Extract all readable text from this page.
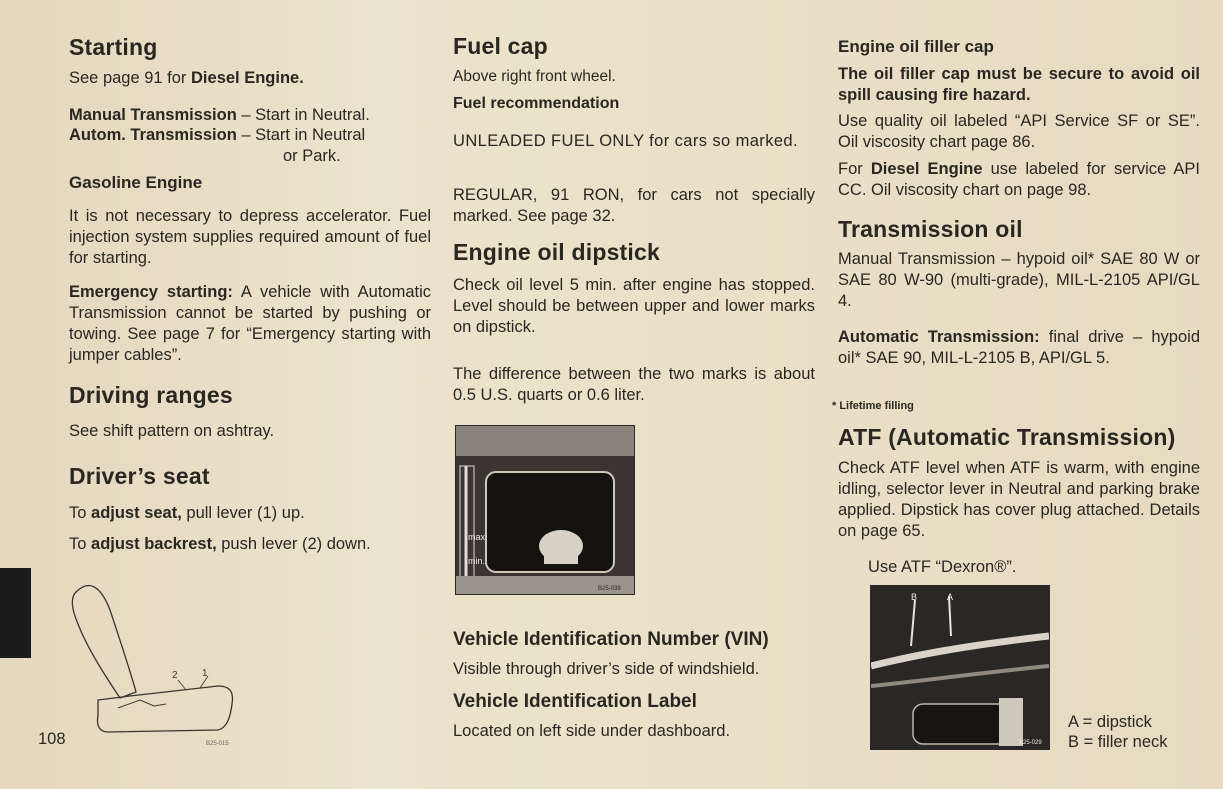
Starting

See page 91 for Diesel Engine.

Manual Transmission – Start in Neutral.

Autom. Transmission – Start in Neutral

or Park.

Gasoline Engine

It is not necessary to depress accelerator. Fuel injection system supplies required amount of fuel for starting.

Emergency starting: A vehicle with Automatic Transmission cannot be started by pushing or towing. See page 7 for “Emergency starting with jumper cables”.

Driving ranges

See shift pattern on ashtray.

Driver’s seat

To adjust seat, pull lever (1) up.

To adjust backrest, push lever (2) down.

2 1
B25-015

108

Fuel cap

Above right front wheel.

Fuel recommendation

UNLEADED FUEL ONLY for cars so marked.

REGULAR, 91 RON, for cars not specially marked. See page 32.

Engine oil dipstick

Check oil level 5 min. after engine has stopped. Level should be between upper and lower marks on dipstick.

The difference between the two marks is about 0.5 U.S. quarts or 0.6 liter.

max.
min.
B25-039

Vehicle Identification Number (VIN)

Visible through driver’s side of windshield.

Vehicle Identification Label

Located on left side under dashboard.

Engine oil filler cap

The oil filler cap must be secure to avoid oil spill causing fire hazard.

Use quality oil labeled “API Service SF or SE”. Oil viscosity chart page 86.

For Diesel Engine use labeled for service API CC. Oil viscosity chart on page 98.

Transmission oil

Manual Transmission – hypoid oil* SAE 80 W or SAE 80 W-90 (multi-grade), MIL-L-2105 API/GL 4.

Automatic Transmission: final drive – hypoid oil* SAE 90, MIL-L-2105 B, API/GL 5.

* Lifetime filling

ATF (Automatic Transmission)

Check ATF level when ATF is warm, with engine idling, selector lever in Neutral and parking brake applied. Dipstick has cover plug attached. Details on page 65.

Use ATF “Dexron®”.

B	A
B25-029

A = dipstick

B = filler neck
